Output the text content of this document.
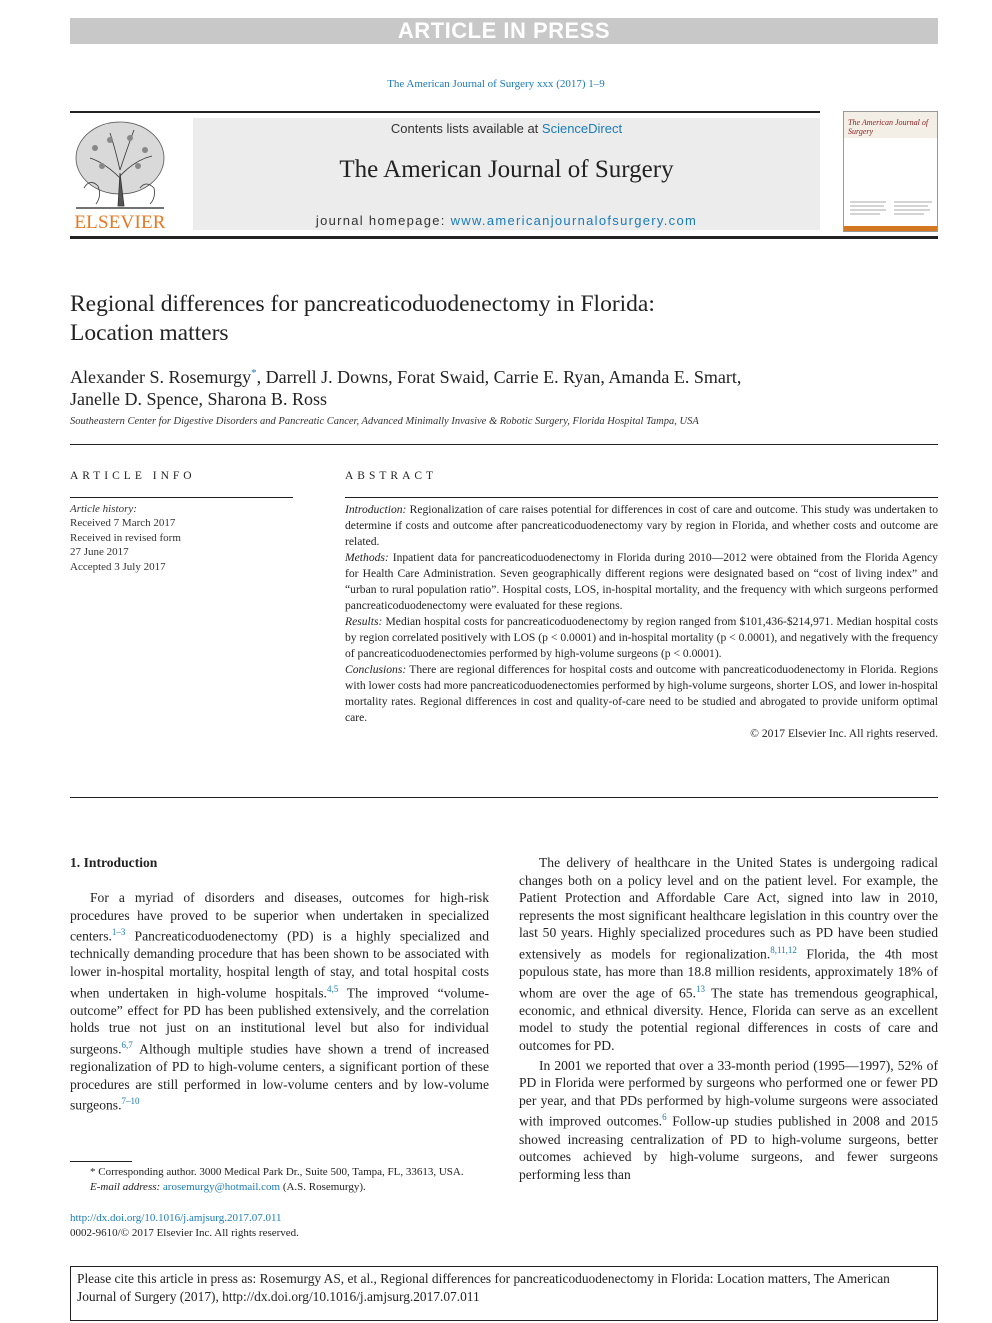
ARTICLE IN PRESS
The American Journal of Surgery xxx (2017) 1–9
ELSEVIER
Contents lists available at ScienceDirect
The American Journal of Surgery
journal homepage: www.americanjournalofsurgery.com
The American Journal of Surgery
Regional differences for pancreaticoduodenectomy in Florida:
Location matters
Alexander S. Rosemurgy*, Darrell J. Downs, Forat Swaid, Carrie E. Ryan, Amanda E. Smart,
Janelle D. Spence, Sharona B. Ross
Southeastern Center for Digestive Disorders and Pancreatic Cancer, Advanced Minimally Invasive & Robotic Surgery, Florida Hospital Tampa, USA
ARTICLE INFO
Article history:
Received 7 March 2017
Received in revised form
27 June 2017
Accepted 3 July 2017
ABSTRACT
Introduction: Regionalization of care raises potential for differences in cost of care and outcome. This study was undertaken to determine if costs and outcome after pancreaticoduodenectomy vary by region in Florida, and whether costs and outcome are related.
Methods: Inpatient data for pancreaticoduodenectomy in Florida during 2010—2012 were obtained from the Florida Agency for Health Care Administration. Seven geographically different regions were designated based on “cost of living index” and “urban to rural population ratio”. Hospital costs, LOS, in-hospital mortality, and the frequency with which surgeons performed pancreaticoduodenectomy were evaluated for these regions.
Results: Median hospital costs for pancreaticoduodenectomy by region ranged from $101,436-$214,971. Median hospital costs by region correlated positively with LOS (p < 0.0001) and in-hospital mortality (p < 0.0001), and negatively with the frequency of pancreaticoduodenectomies performed by high-volume surgeons (p < 0.0001).
Conclusions: There are regional differences for hospital costs and outcome with pancreaticoduodenectomy in Florida. Regions with lower costs had more pancreaticoduodenectomies performed by high-volume surgeons, shorter LOS, and lower in-hospital mortality rates. Regional differences in cost and quality-of-care need to be studied and abrogated to provide uniform optimal care.
© 2017 Elsevier Inc. All rights reserved.
1. Introduction

For a myriad of disorders and diseases, outcomes for high-risk procedures have proved to be superior when undertaken in specialized centers.$^{1-3}$ Pancreaticoduodenectomy (PD) is a highly specialized and technically demanding procedure that has been shown to be associated with lower in-hospital mortality, hospital length of stay, and total hospital costs when undertaken in high-volume hospitals.$^{4,5}$ The improved “volume-outcome” effect for PD has been published extensively, and the correlation holds true not just on an institutional level but also for individual surgeons.$^{6,7}$ Although multiple studies have shown a trend of increased regionalization of PD to high-volume centers, a significant portion of these procedures are still performed in low-volume centers and by low-volume surgeons.$^{7-10}$

The delivery of healthcare in the United States is undergoing radical changes both on a policy level and on the patient level. For example, the Patient Protection and Affordable Care Act, signed into law in 2010, represents the most significant healthcare legislation in this country over the last 50 years. Highly specialized procedures such as PD have been studied extensively as models for regionalization.$^{8,11,12}$ Florida, the 4th most populous state, has more than 18.8 million residents, approximately 18% of whom are over the age of 65.13 The state has tremendous geographical, economic, and ethnical diversity. Hence, Florida can serve as an excellent model to study the potential regional differences in costs of care and outcomes for PD.

In 2001 we reported that over a 33-month period (1995—1997), 52% of PD in Florida were performed by surgeons who performed one or fewer PD per year, and that PDs performed by high-volume surgeons were associated with improved outcomes.$^6$ Follow-up studies published in 2008 and 2015 showed increasing centralization of PD to high-volume surgeons, better outcomes achieved by high-volume surgeons, and fewer surgeons performing less than

* Corresponding author. 3000 Medical Park Dr., Suite 500, Tampa, FL, 33613, USA.
E-mail address: arosemurgy@hotmail.com (A.S. Rosemurgy).
http://dx.doi.org/10.1016/j.amjsurg.2017.07.011
0002-9610/© 2017 Elsevier Inc. All rights reserved.
Please cite this article in press as: Rosemurgy AS, et al., Regional differences for pancreaticoduodenectomy in Florida: Location matters, The American Journal of Surgery (2017), http://dx.doi.org/10.1016/j.amjsurg.2017.07.011
